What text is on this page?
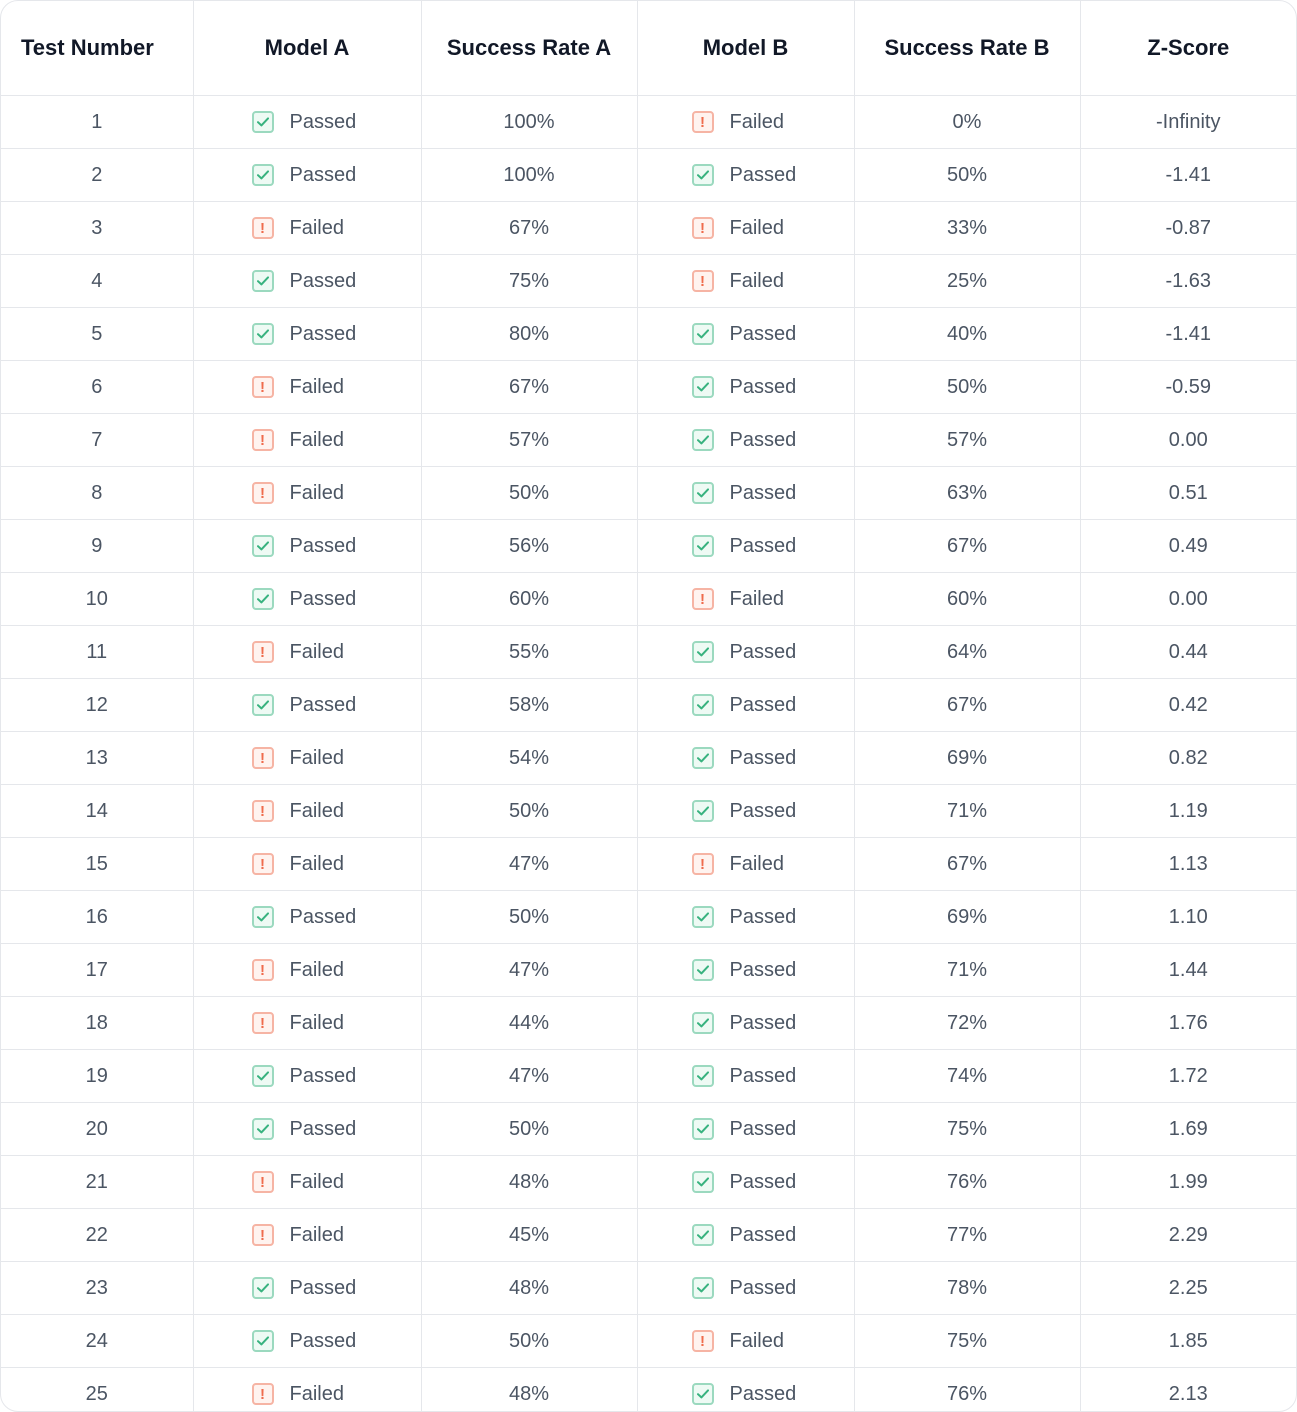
Test Number	Model A	Success Rate A	Model B	Success Rate B	Z-Score
1	Passed	100%	! Failed	0%	-Infinity
2	Passed	100%	Passed	50%	-1.41
3	! Failed	67%	! Failed	33%	-0.87
4	Passed	75%	! Failed	25%	-1.63
5	Passed	80%	Passed	40%	-1.41
6	! Failed	67%	Passed	50%	-0.59
7	! Failed	57%	Passed	57%	0.00
8	! Failed	50%	Passed	63%	0.51
9	Passed	56%	Passed	67%	0.49
10	Passed	60%	! Failed	60%	0.00
11	! Failed	55%	Passed	64%	0.44
12	Passed	58%	Passed	67%	0.42
13	! Failed	54%	Passed	69%	0.82
14	! Failed	50%	Passed	71%	1.19
15	! Failed	47%	! Failed	67%	1.13
16	Passed	50%	Passed	69%	1.10
17	! Failed	47%	Passed	71%	1.44
18	! Failed	44%	Passed	72%	1.76
19	Passed	47%	Passed	74%	1.72
20	Passed	50%	Passed	75%	1.69
21	! Failed	48%	Passed	76%	1.99
22	! Failed	45%	Passed	77%	2.29
23	Passed	48%	Passed	78%	2.25
24	Passed	50%	! Failed	75%	1.85
25	! Failed	48%	Passed	76%	2.13
